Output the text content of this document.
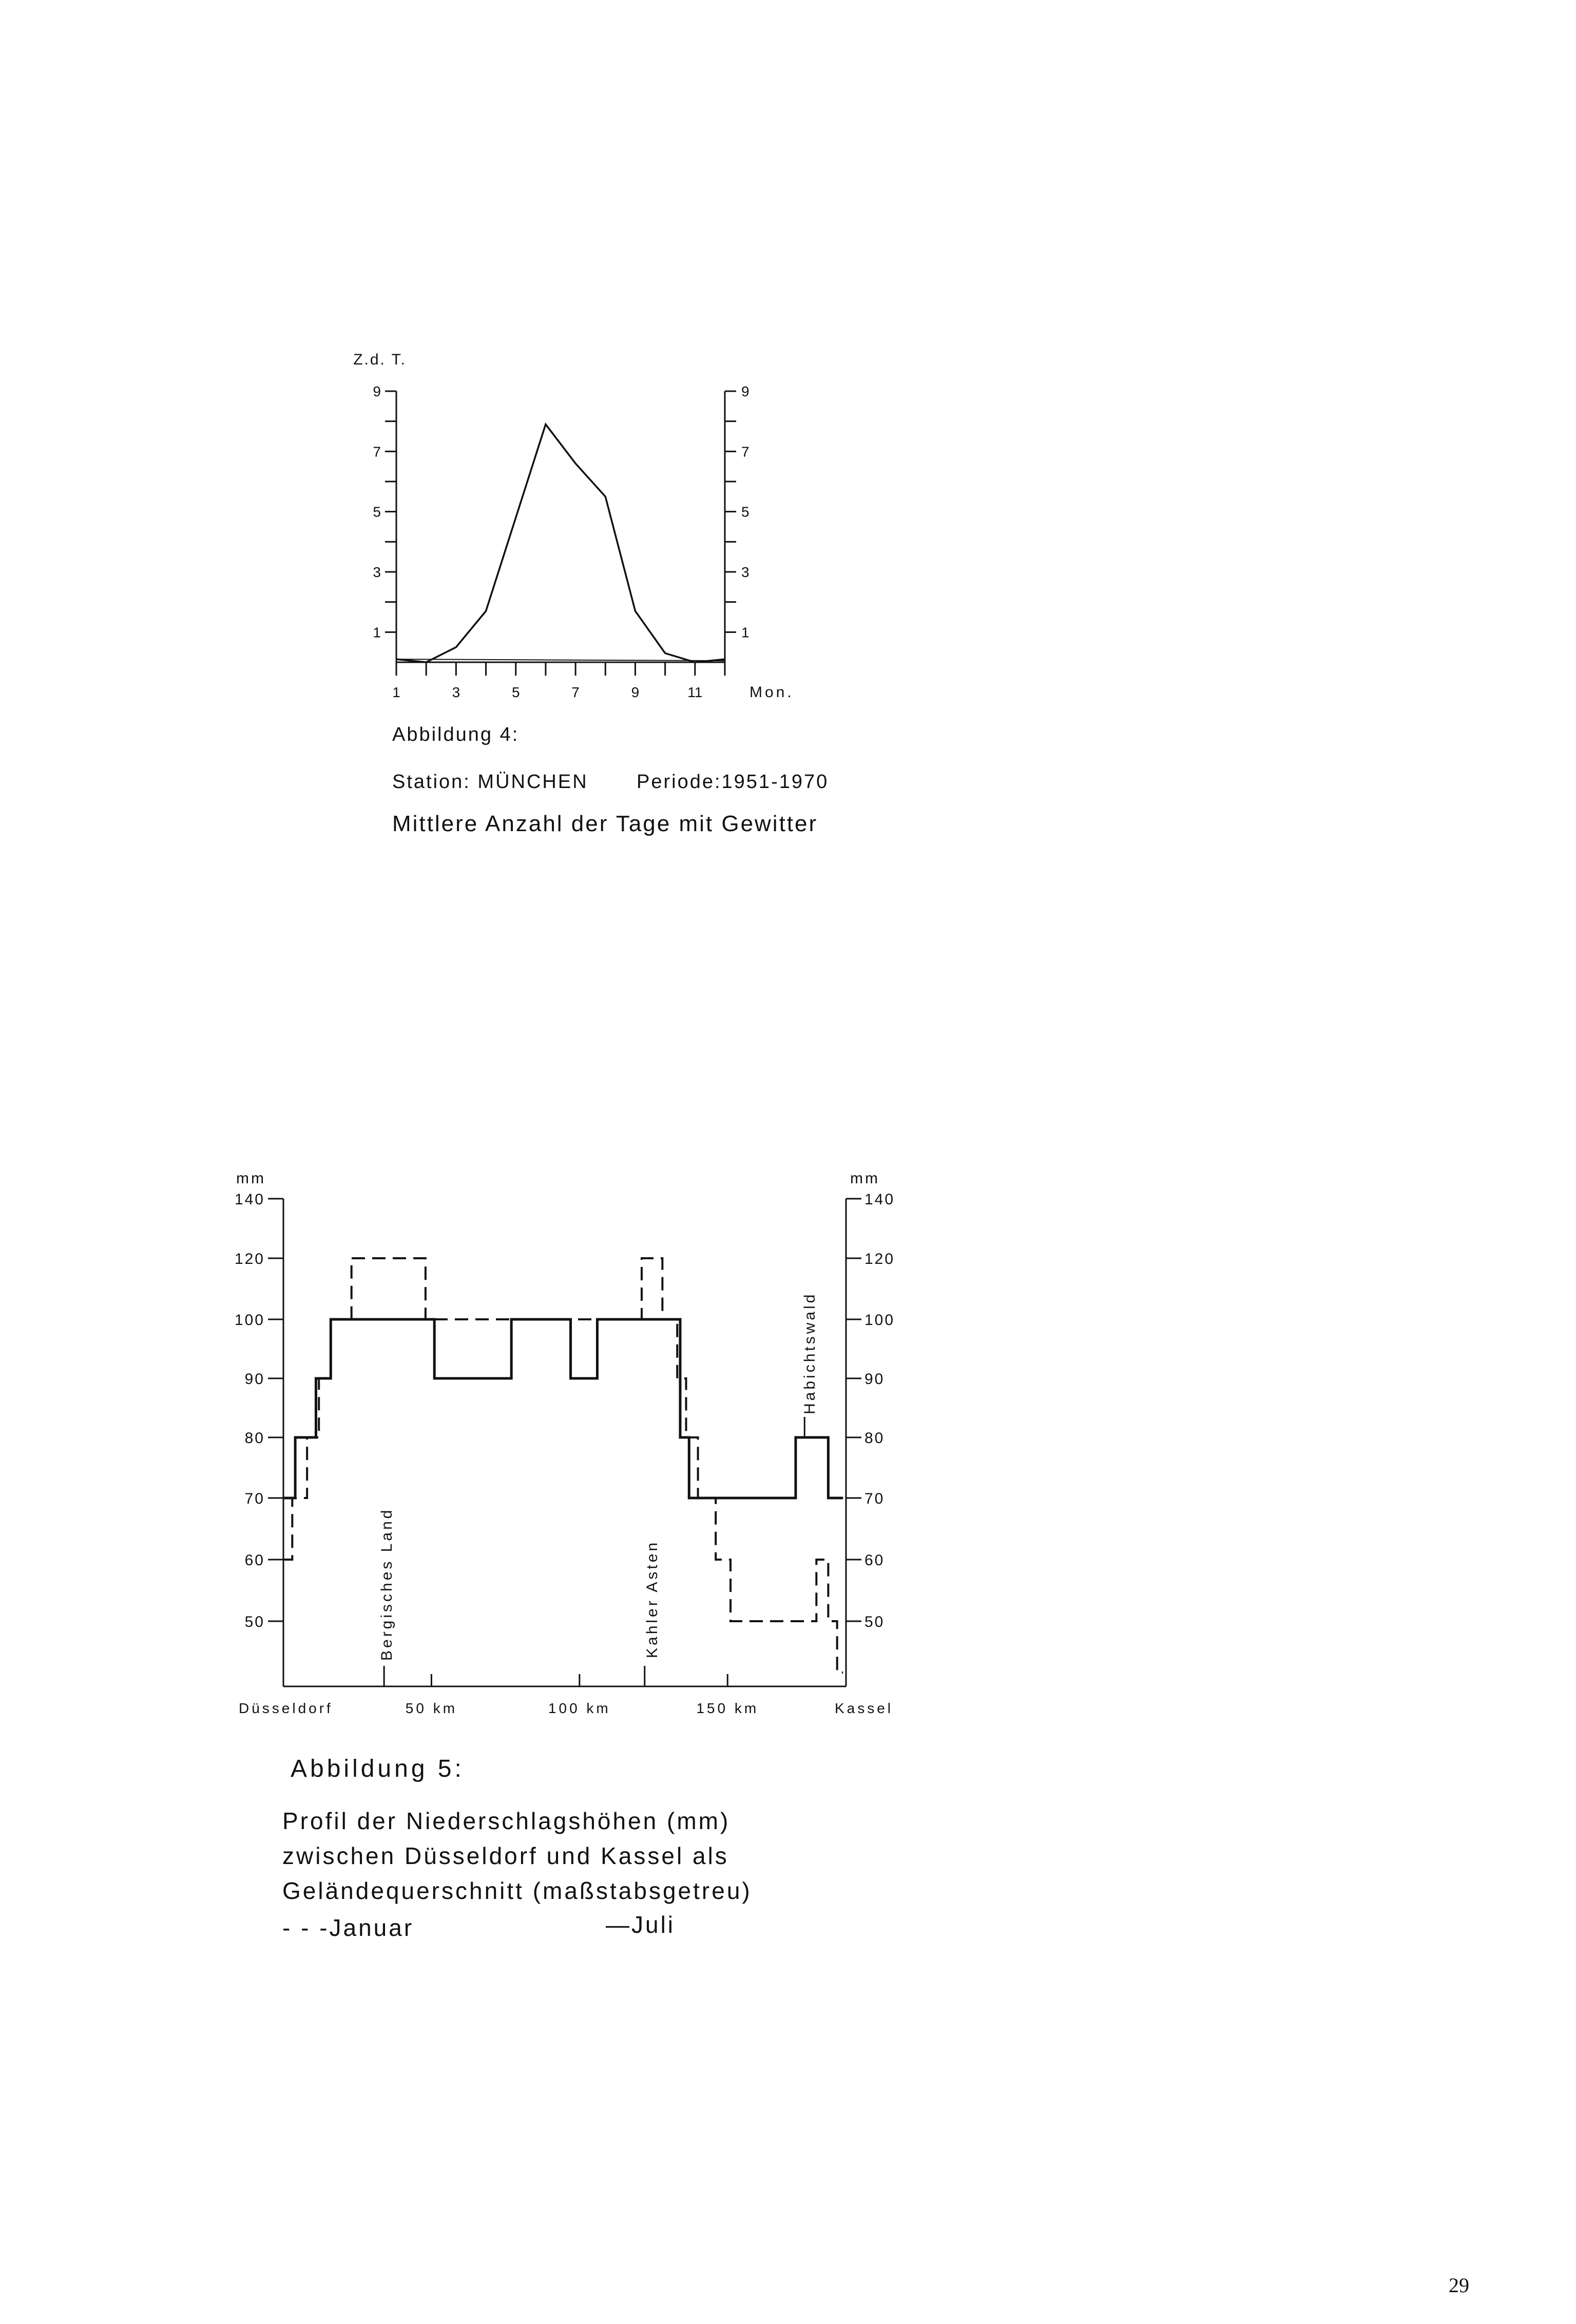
9
7
5
3
1
9
7
5
3
1
1	3	5	7	9	11
Z.d. T.
Mon.
140	140
120	120
100	100
90	90
80	80
70	70
60	60
50	50
mm	mm
Düsseldorf	50 km	100 km	150 km	Kassel
Bergisches Land	Kahler Asten
Habichtswald
Abbildung 4:
Station: MÜNCHEN Periode:1951-1970
Mittlere Anzahl der Tage mit Gewitter
Abbildung 5:
Profil der Niederschlagshöhen (mm)
zwischen Düsseldorf und Kassel als
Geländequerschnitt (maßstabsgetreu)
- - -Januar	—Juli
29
